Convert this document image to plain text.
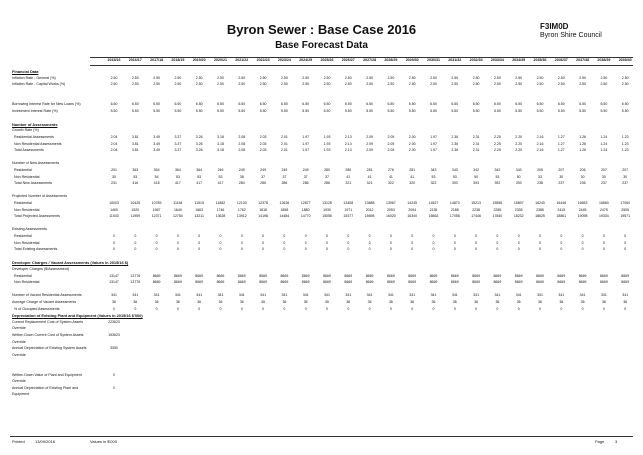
Byron Sewer : Base Case 2016
Base Forecast Data
F3IM0D
Byron Shire Council
2015/16	2016/17	2017/18	2018/19	2019/20	2020/21	2021/22	2022/23	2023/24	2024/25	2025/26	2026/27	2027/28	2028/29	2029/30	2030/31	2031/32	2032/33	2033/34	2034/35	2035/36	2036/37	2037/38	2038/39	2039/40
Financial Data
Inflation Rate - General (%)	2.50	2.50	2.50	2.50	2.50	2.50	2.50	2.50	2.50	2.50	2.50	2.50	2.50	2.50	2.50	2.50	2.50	2.50	2.50	2.50	2.50	2.50	2.50	2.50	2.50
Inflation Rate - Capital Works (%)	2.50	2.50	2.50	2.50	2.50	2.50	2.50	2.50	2.50	2.50	2.50	2.50	2.50	2.50	2.50	2.50	2.50	2.50	2.50	2.50	2.50	2.50	2.50	2.50	2.50
Borrowing Interest Rate for New Loans (%)	6.50	6.50	6.50	6.50	6.50	6.50	6.50	6.50	6.50	6.50	6.50	6.50	6.50	6.50	6.50	6.50	6.50	6.50	6.50	6.50	6.50	6.50	6.50	6.50	6.50
Investment Interest Rate (%)	5.50	5.50	5.50	5.50	5.50	5.50	5.50	5.50	5.50	5.50	5.50	5.50	5.50	5.50	5.50	5.50	5.50	5.50	5.50	5.50	5.50	5.50	5.50	5.50	5.50
Number of Assessments
Growth Rate (%)
Residential Assessments	2.04	3.81	3.49	3.37	3.26	3.18	2.08	2.03	2.01	1.97	1.93	2.13	2.09	2.05	2.00	1.97	2.36	2.31	2.25	2.20	2.16	1.27	1.26	1.24	1.23
Non Residential Assessments	2.04	3.81	3.49	3.37	3.26	3.18	2.08	2.03	2.01	1.97	1.93	2.13	2.09	2.05	2.00	1.97	2.36	2.31	2.25	2.20	2.16	1.27	1.26	1.24	1.23
Total Assessments	2.04	3.81	3.49	3.37	3.26	3.18	2.08	2.03	2.01	1.97	1.93	2.13	2.09	2.05	2.00	1.97	2.36	2.31	2.25	2.20	2.16	1.27	1.26	1.24	1.23
Number of New Assessments
Residential	201	363	364	364	364	246	249	249	249	249	280	280	281	276	281	343	343	342	342	343	205	207	206	207	207
Non Residential	30	53	54	53	53	53	38	37	37	37	37	41	41	41	41	53	53	50	53	50	33	30	30	30	30
Total New Assessments	231	416	418	417	417	417	284	286	286	286	286	321	321	322	320	322	393	393	392	393	238	237	236	237	237
Projected Number of Assessments
Residential	10003	10426	10789	11164	11515	11882	12130	12378	12626	12877	13128	13408	13688	13967	14245	14527	14870	15213	15555	15897	16240	16446	16653	16860	17060
Non Residential	1460	1520	1567	1640	1663	1746	1762	1818	1858	1880	1930	1971	2012	2053	2094	2135	2188	2238	2285	2335	2385	2415	2445	2475	2505
Total Projected Assessments	11543	11959	12371	12784	13211	13628	13912	14198	14484	14770	15056	15377	15698	16020	16340	16662	17058	17446	17840	18232	18625	18861	19098	19334	19571
Existing Assessments
Residential	0	0	0	0	0	0	0	0	0	0	0	0	0	0	0	0	0	0	0	0	0	0	0	0	0
Non Residential	0	0	0	0	0	0	0	0	0	0	0	0	0	0	0	0	0	0	0	0	0	0	0	0	0
Total Existing Assessments	0	0	0	0	0	0	0	0	0	0	0	0	0	0	0	0	0	0	0	0	0	0	0	0	0
Developer Charges / Vacant Assessments (Values in 2015/16 $)
Developer Charges ($/Assessment)
Residential	13147	13776	8669	8669	8669	8669	8669	8669	8669	8669	8669	8669	8669	8669	8669	8669	8669	8669	8669	8669	8669	8669	8669	8669	8669
Non Residential	13147	13776	8669	8669	8669	8669	8669	8669	8669	8669	8669	8669	8669	8669	8669	8669	8669	8669	8669	8669	8669	8669	8669	8669	8669
Number of Vacant Residential Assessments	341	341	341	341	341	341	341	341	341	341	341	341	341	341	341	341	341	341	341	341	341	341	341	341	341
Average Charge of Vacant Assessments	36	36	36	36	36	36	36	36	36	36	36	36	36	36	36	36	36	36	36	36	36	36	36	36	36
% of Occupied Assessments	0	0	0	0	0	0	0	0	0	0	0	0	0	0	0	0	0	0	0	0	0	0	0	0	0
Depreciation of Existing Plant and Equipment (Values in 2015/16 $'000)
Current Replacement Cost of System Assets	223623
Override
Written Down Current Cost of System Assets	153623
Override
Annual Depreciation of Existing System Assets	3350
Override
Written Down Value of Plant and Equipment	0
Override
Annual Depreciation of Existing Plant and	0
Equipment
Printed	13/09/2016	Values in $'000	Page	3
